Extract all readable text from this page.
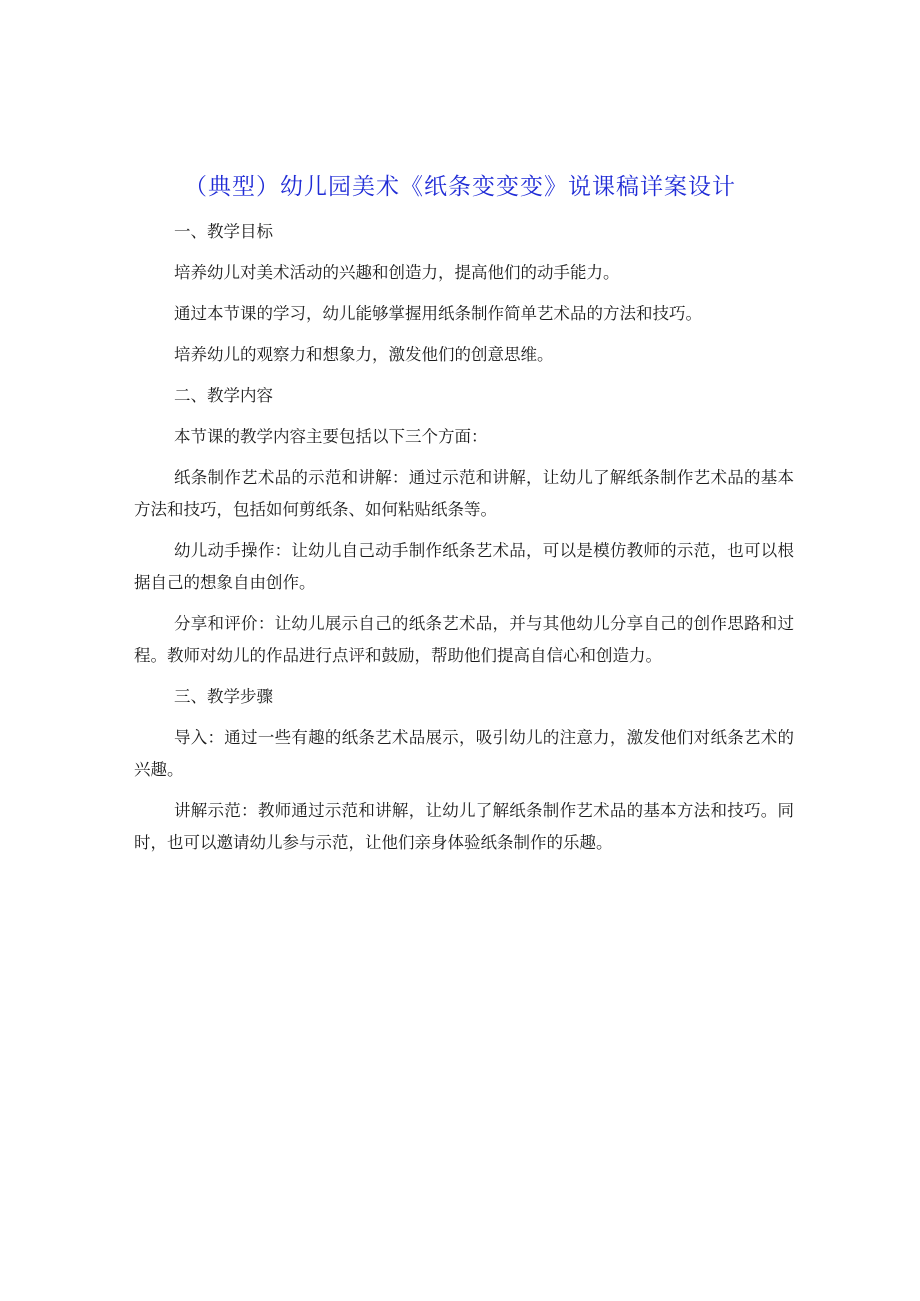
（典型）幼儿园美术《纸条变变变》说课稿详案设计
一、教学目标

培养幼儿对美术活动的兴趣和创造力，提高他们的动手能力。

通过本节课的学习，幼儿能够掌握用纸条制作简单艺术品的方法和技巧。

培养幼儿的观察力和想象力，激发他们的创意思维。

二、教学内容

本节课的教学内容主要包括以下三个方面：

纸条制作艺术品的示范和讲解：通过示范和讲解，让幼儿了解纸条制作艺术品的基本方法和技巧，包括如何剪纸条、如何粘贴纸条等。

幼儿动手操作：让幼儿自己动手制作纸条艺术品，可以是模仿教师的示范，也可以根据自己的想象自由创作。

分享和评价：让幼儿展示自己的纸条艺术品，并与其他幼儿分享自己的创作思路和过程。教师对幼儿的作品进行点评和鼓励，帮助他们提高自信心和创造力。

三、教学步骤

导入：通过一些有趣的纸条艺术品展示，吸引幼儿的注意力，激发他们对纸条艺术的兴趣。

讲解示范：教师通过示范和讲解，让幼儿了解纸条制作艺术品的基本方法和技巧。同时，也可以邀请幼儿参与示范，让他们亲身体验纸条制作的乐趣。
